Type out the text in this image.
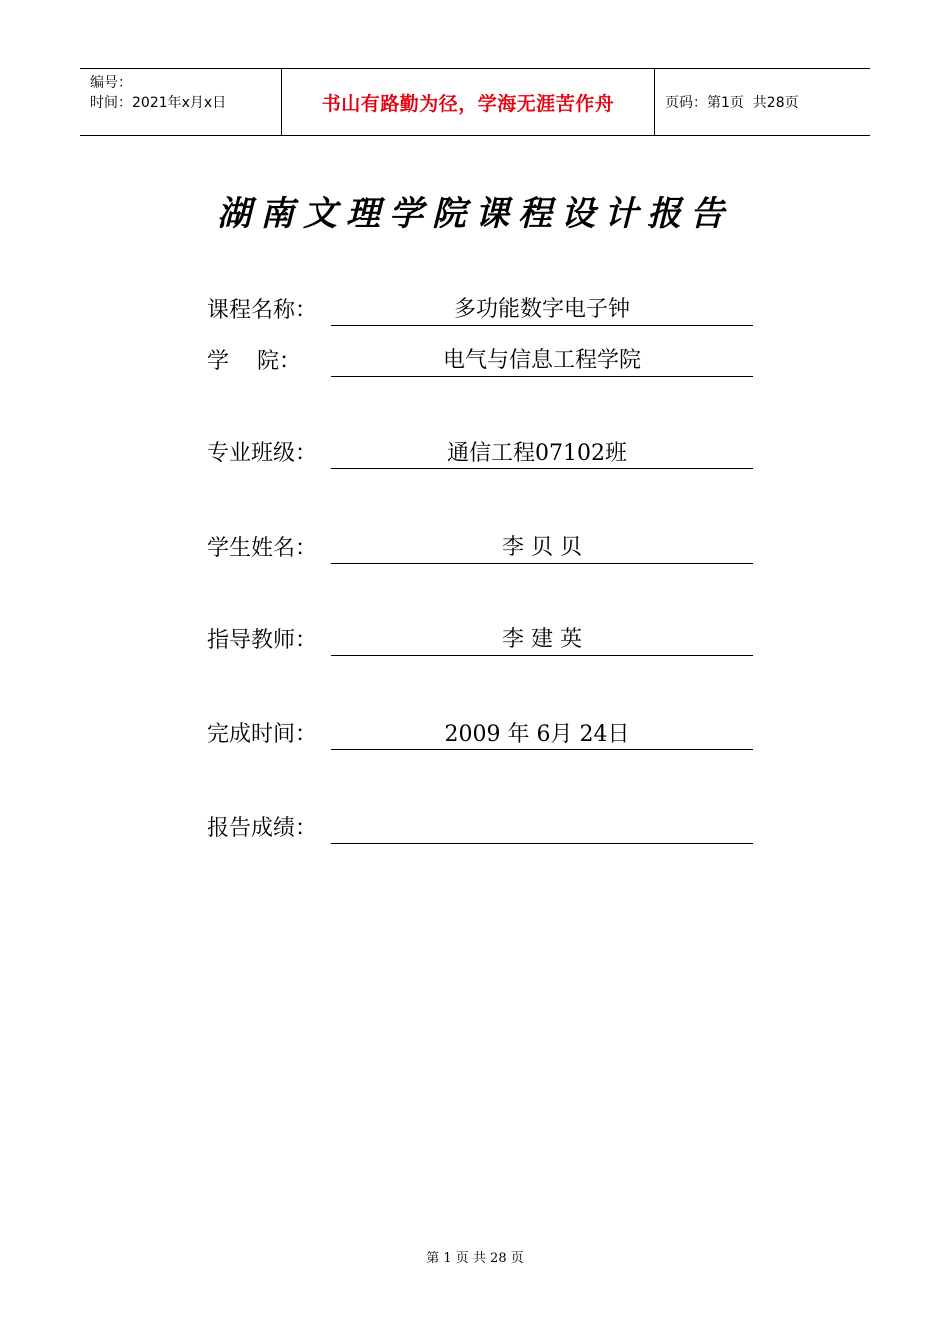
编号：
时间：2021年x月x日	书山有路勤为径，学海无涯苦作舟	页码：第1页  共28页
湖南文理学院课程设计报告
课程名称：	多功能数字电子钟
学    院：	电气与信息工程学院
专业班级：	通信工程07102班
学生姓名：	李 贝 贝
指导教师：	李 建 英
完成时间：	2009 年 6月 24日
报告成绩：
第 1 页 共 28 页
